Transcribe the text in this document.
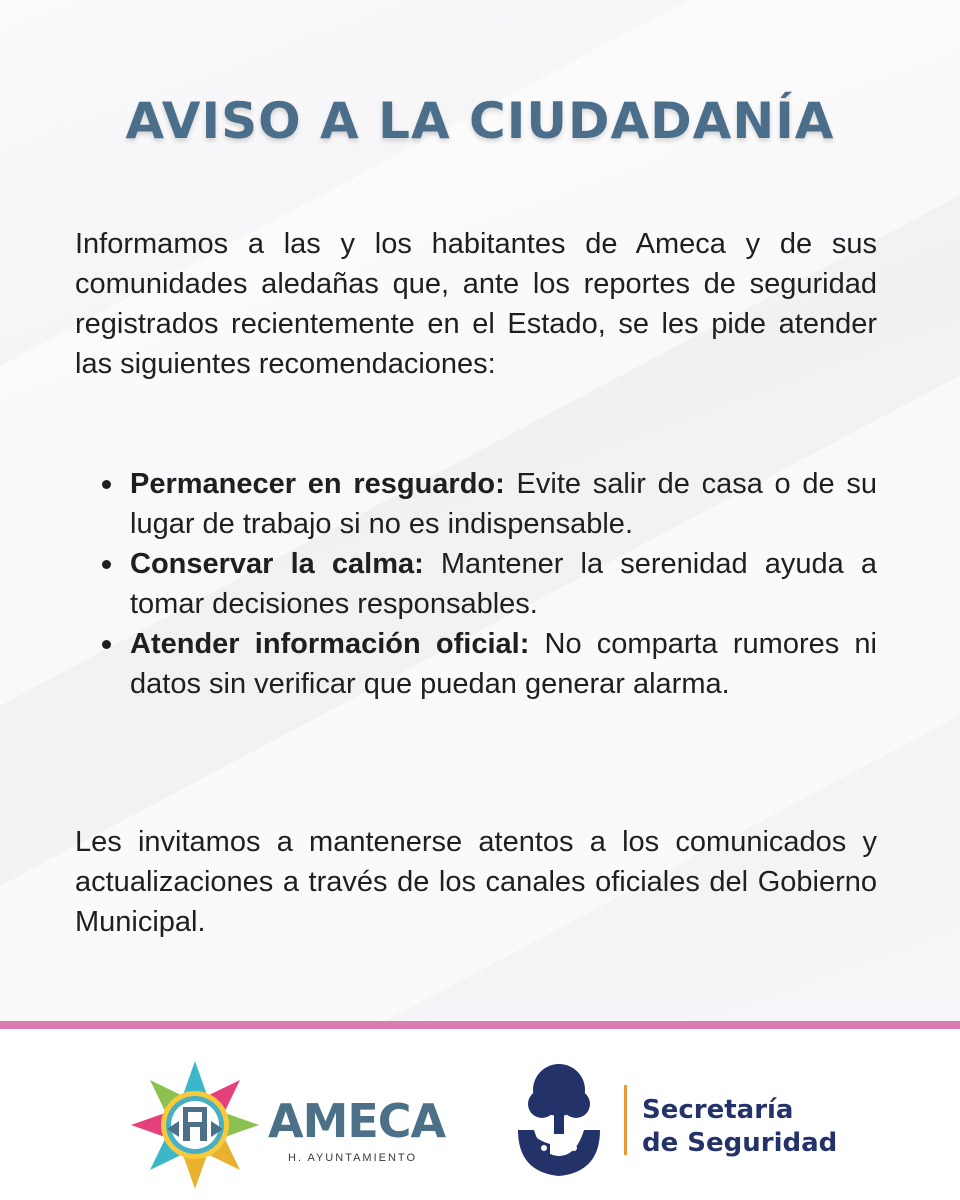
AVISO A LA CIUDADANÍA

Informamos a las y los habitantes de Ameca y de sus comunidades aledañas que, ante los reportes de seguridad registrados recientemente en el Estado, se les pide atender las siguientes recomendaciones:

Permanecer en resguardo: Evite salir de casa o de su lugar de trabajo si no es indispensable.
Conservar la calma: Mantener la serenidad ayuda a tomar decisiones responsables.
Atender información oficial: No comparta rumores ni datos sin verificar que puedan generar alarma.

Les invitamos a mantenerse atentos a los comunicados y actualizaciones a través de los canales oficiales del Gobierno Municipal.

AMECA

H. AYUNTAMIENTO

Secretaría
de Seguridad
